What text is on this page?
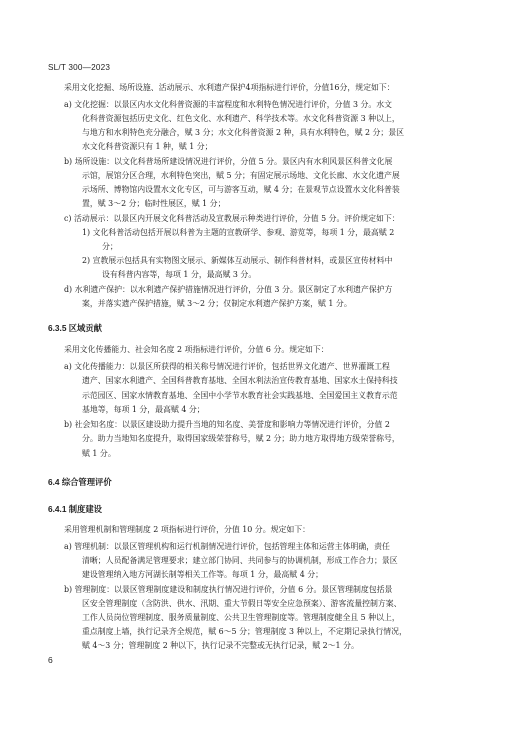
SL/T 300—2023
采用文化挖掘、场所设施、活动展示、水利遗产保护4项指标进行评价，分值16分，规定如下：
a) 文化挖掘：以景区内水文化科普资源的丰富程度和水利特色情况进行评价，分值 3 分。水文
化科普资源包括历史文化、红色文化、水利遗产、科学技术等。水文化科普资源 3 种以上，
与地方和水利特色充分融合，赋 3 分；水文化科普资源 2 种，具有水利特色，赋 2 分；景区
水文化科普资源只有 1 种，赋 1 分；
b) 场所设施：以文化科普场所建设情况进行评价，分值 5 分。景区内有水利风景区科普文化展
示馆，展馆分区合理，水利特色突出，赋 5 分；有固定展示场地、文化长廊、水文化遗产展
示场所、博物馆内设置水文化专区，可与游客互动，赋 4 分；在景观节点设置水文化科普装
置，赋 3～2 分；临时性展区，赋 1 分；
c) 活动展示：以景区内开展文化科普活动及宣教展示种类进行评价，分值 5 分。评价规定如下：
1) 文化科普活动包括开展以科普为主题的宣教研学、参观、游览等，每项 1 分，最高赋 2
分；
2) 宣教展示包括具有实物图文展示、新媒体互动展示、制作科普材料，或景区宣传材料中
设有科普内容等，每项 1 分，最高赋 3 分。
d) 水利遗产保护：以水利遗产保护措施情况进行评价，分值 3 分。景区制定了水利遗产保护方
案，并落实遗产保护措施，赋 3～2 分；仅制定水利遗产保护方案，赋 1 分。
6.3.5 区域贡献
采用文化传播能力、社会知名度 2 项指标进行评价，分值 6 分。规定如下：
a) 文化传播能力：以景区所获得的相关称号情况进行评价，包括世界文化遗产、世界灌溉工程
遗产、国家水利遗产、全国科普教育基地、全国水利法治宣传教育基地、国家水土保持科技
示范园区、国家水情教育基地、全国中小学节水教育社会实践基地、全国爱国主义教育示范
基地等，每项 1 分，最高赋 4 分；
b) 社会知名度：以景区建设助力提升当地的知名度、美誉度和影响力等情况进行评价，分值 2
分。助力当地知名度提升，取得国家级荣誉称号，赋 2 分；助力地方取得地方级荣誉称号，
赋 1 分。
6.4 综合管理评价
6.4.1 制度建设
采用管理机制和管理制度 2 项指标进行评价，分值 10 分。规定如下：
a) 管理机制：以景区管理机构和运行机制情况进行评价，包括管理主体和运营主体明确，责任
清晰；人员配备满足管理要求；建立部门协同、共同参与的协调机制，形成工作合力；景区
建设管理纳入地方河湖长制等相关工作等。每项 1 分，最高赋 4 分；
b) 管理制度：以景区管理制度建设和制度执行情况进行评价，分值 6 分。景区管理制度包括景
区安全管理制度（含防洪、供水、汛期、重大节假日等安全应急预案）、游客流量控制方案、
工作人员岗位管理制度、服务质量制度、公共卫生管理制度等。管理制度健全且 5 种以上，
重点制度上墙，执行记录齐全规范，赋 6～5 分；管理制度 3 种以上，不定期记录执行情况，
赋 4～3 分；管理制度 2 种以下，执行记录不完整或无执行记录，赋 2～1 分。
6
